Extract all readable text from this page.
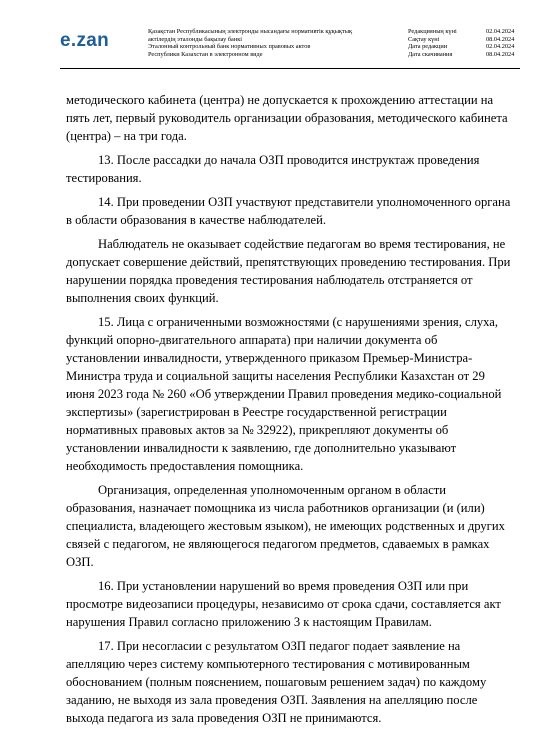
e.zan	Қазақстан Республикасының электронды нысандағы нормативтік құқықтық
актілердің эталонды бақылау банкі
Эталонный контрольный банк нормативных правовых актов
Республики Казахстан в электронном виде
Редакцияның күні	02.04.2024
Сақтау күні	08.04.2024
Дата редакции	02.04.2024
Дата скачивания	08.04.2024

методического кабинета (центра) не допускается к прохождению аттестации на пять лет, первый руководитель организации образования, методического кабинета (центра) – на три года.

13. После рассадки до начала ОЗП проводится инструктаж проведения тестирования.

14. При проведении ОЗП участвуют представители уполномоченного органа в области образования в качестве наблюдателей.

Наблюдатель не оказывает содействие педагогам во время тестирования, не допускает совершение действий, препятствующих проведению тестирования. При нарушении порядка проведения тестирования наблюдатель отстраняется от выполнения своих функций.

15. Лица с ограниченными возможностями (с нарушениями зрения, слуха, функций опорно-двигательного аппарата) при наличии документа об установлении инвалидности, утвержденного приказом Премьер-Министра-Министра труда и социальной защиты населения Республики Казахстан от 29 июня 2023 года № 260 «Об утверждении Правил проведения медико-социальной экспертизы» (зарегистрирован в Реестре государственной регистрации нормативных правовых актов за № 32922), прикрепляют документы об установлении инвалидности к заявлению, где дополнительно указывают необходимость предоставления помощника.

Организация, определенная уполномоченным органом в области образования, назначает помощника из числа работников организации (и (или) специалиста, владеющего жестовым языком), не имеющих родственных и других связей с педагогом, не являющегося педагогом предметов, сдаваемых в рамках ОЗП.

16. При установлении нарушений во время проведения ОЗП или при просмотре видеозаписи процедуры, независимо от срока сдачи, составляется акт нарушения Правил согласно приложению 3 к настоящим Правилам.

17. При несогласии с результатом ОЗП педагог подает заявление на апелляцию через систему компьютерного тестирования с мотивированным обоснованием (полным пояснением, пошаговым решением задач) по каждому заданию, не выходя из зала проведения ОЗП. Заявления на апелляцию после выхода педагога из зала проведения ОЗП не принимаются.
